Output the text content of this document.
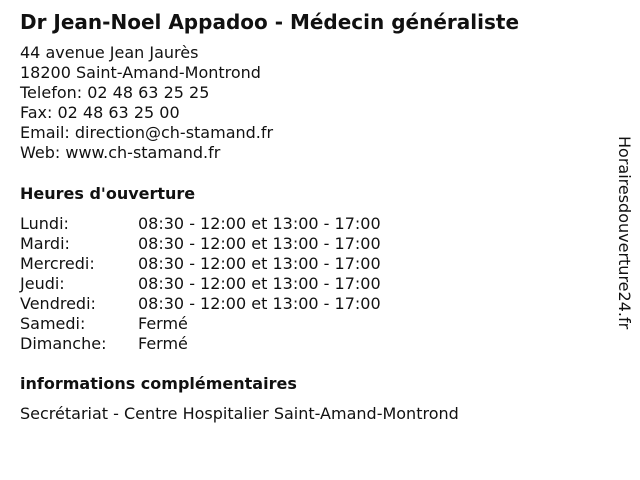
Dr Jean-Noel Appadoo - Médecin généraliste
44 avenue Jean Jaurès
18200 Saint-Amand-Montrond
Telefon: 02 48 63 25 25
Fax: 02 48 63 25 00
Email: direction@ch-stamand.fr
Web: www.ch-stamand.fr
Heures d'ouverture
Lundi:	08:30 - 12:00 et 13:00 - 17:00
Mardi:	08:30 - 12:00 et 13:00 - 17:00
Mercredi:	08:30 - 12:00 et 13:00 - 17:00
Jeudi:	08:30 - 12:00 et 13:00 - 17:00
Vendredi:	08:30 - 12:00 et 13:00 - 17:00
Samedi:	Fermé
Dimanche: Fermé
informations complémentaires
Secrétariat - Centre Hospitalier Saint-Amand-Montrond
Horairesdouverture24.fr
